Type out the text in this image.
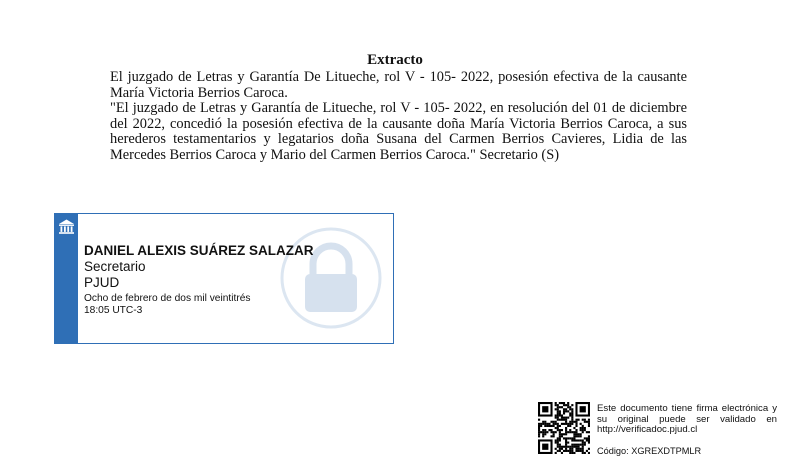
Extracto

El juzgado de Letras y Garantía De Litueche, rol V - 105- 2022, posesión efectiva de la causante María Victoria Berrios Caroca.

"El juzgado de Letras y Garantía de Litueche, rol V - 105- 2022, en resolución del 01 de diciembre del 2022, concedió la posesión efectiva de la causante doña María Victoria Berrios Caroca, a sus herederos testamentarios y legatarios doña Susana del Carmen Berrios Cavieres, Lidia de las Mercedes Berrios Caroca y Mario del Carmen Berrios Caroca." Secretario (S)

DANIEL ALEXIS SUÁREZ SALAZAR
Secretario
PJUD
Ocho de febrero de dos mil veintitrés
18:05 UTC-3
Este documento tiene firma electrónica y su original puede ser validado en http://verificadoc.pjud.cl
Código: XGREXDTPMLR
